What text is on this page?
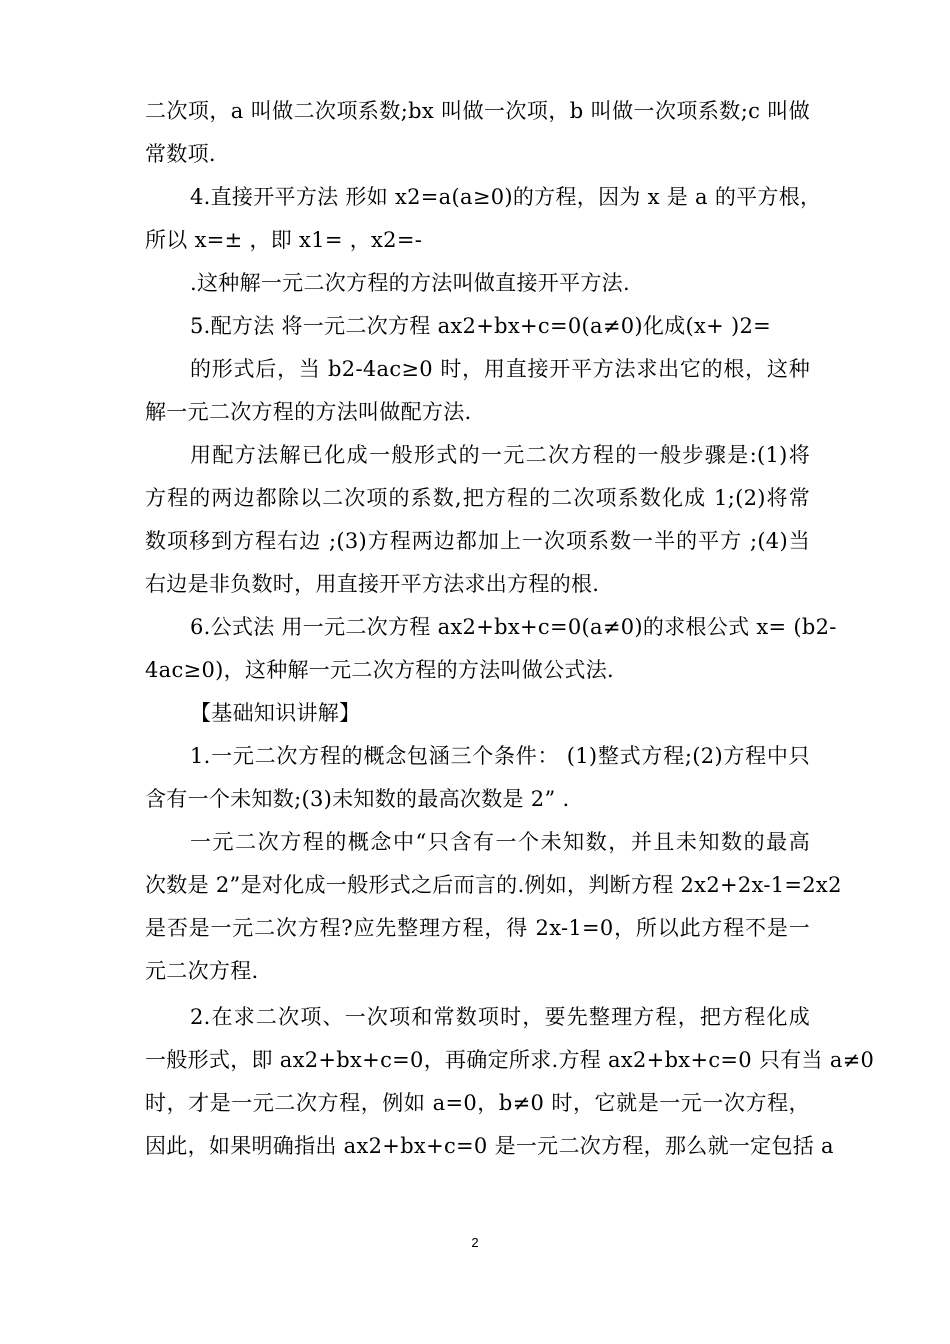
二次项，a 叫做二次项系数;bx 叫做一次项，b 叫做一次项系数;c 叫做
常数项.
4.直接开平方法 形如 x2=a(a≥0)的方程，因为 x 是 a 的平方根，
所以 x=± ，即 x1= ，x2=-
.这种解一元二次方程的方法叫做直接开平方法.
5.配方法 将一元二次方程 ax2+bx+c=0(a≠0)化成(x+ )2=
的形式后，当 b2-4ac≥0 时，用直接开平方法求出它的根，这种
解一元二次方程的方法叫做配方法.
用配方法解已化成一般形式的一元二次方程的一般步骤是:(1)将
方程的两边都除以二次项的系数,把方程的二次项系数化成 1;(2)将常
数项移到方程右边 ;(3)方程两边都加上一次项系数一半的平方 ;(4)当
右边是非负数时，用直接开平方法求出方程的根.
6.公式法 用一元二次方程 ax2+bx+c=0(a≠0)的求根公式 x= (b2-
4ac≥0)，这种解一元二次方程的方法叫做公式法.
【基础知识讲解】
1.一元二次方程的概念包涵三个条件： (1)整式方程;(2)方程中只
含有一个未知数;(3)未知数的最高次数是 2” .
一元二次方程的概念中“只含有一个未知数，并且未知数的最高
次数是 2”是对化成一般形式之后而言的.例如，判断方程 2x2+2x-1=2x2
是否是一元二次方程?应先整理方程，得 2x-1=0，所以此方程不是一
元二次方程.
2.在求二次项、一次项和常数项时，要先整理方程，把方程化成
一般形式，即 ax2+bx+c=0，再确定所求.方程 ax2+bx+c=0 只有当 a≠0
时，才是一元二次方程，例如 a=0，b≠0 时，它就是一元一次方程，
因此，如果明确指出 ax2+bx+c=0 是一元二次方程，那么就一定包括 a
2
